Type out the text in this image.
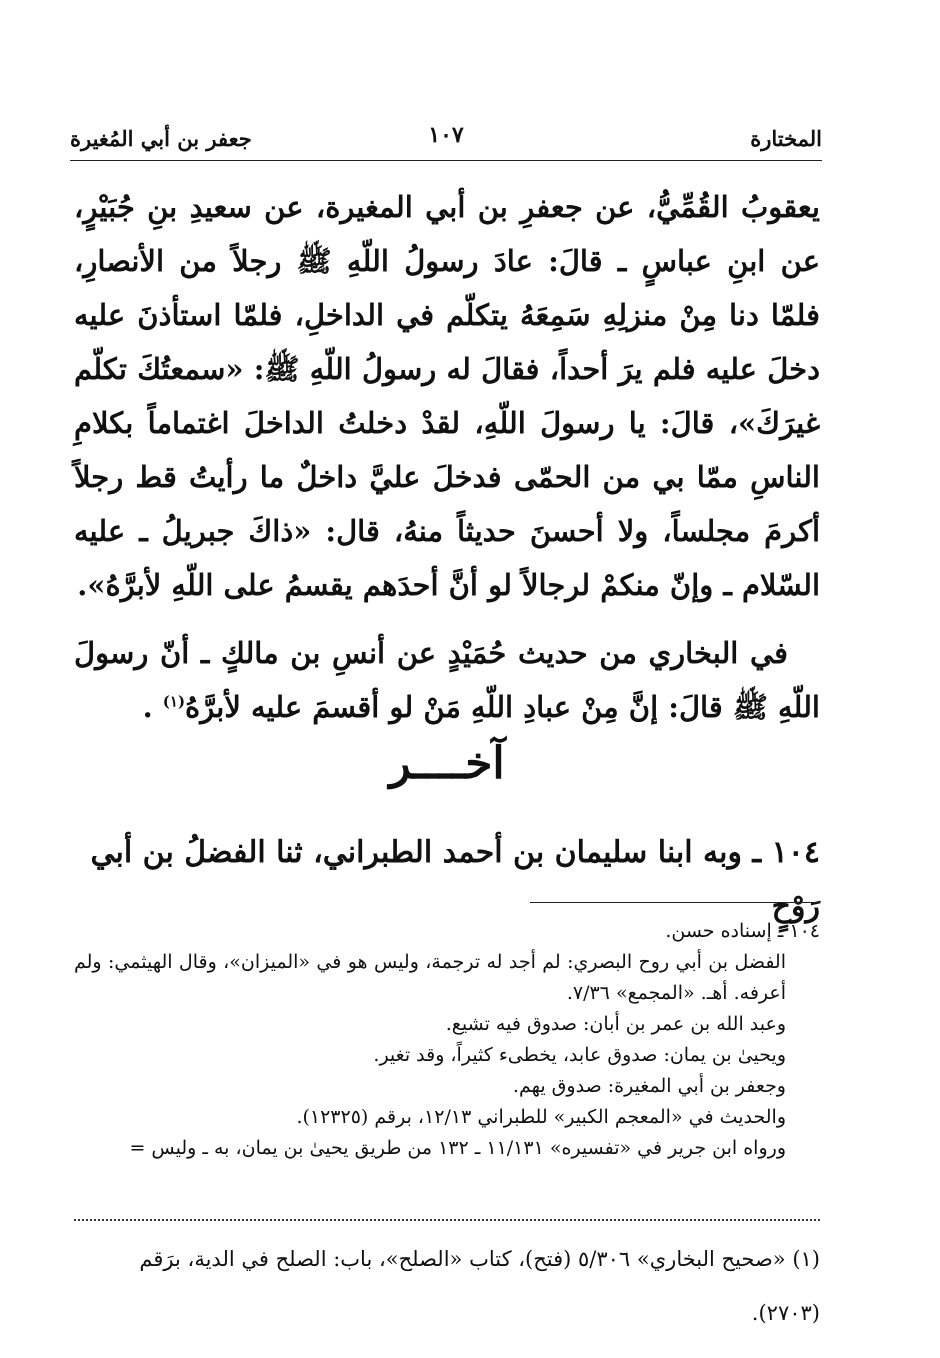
المختارة
١٠٧
جعفر بن أبي المُغيرة

يعقوبُ القُمِّيُّ، عن جعفرِ بن أبي المغيرة، عن سعيدِ بنِ جُبَيْرٍ، عن ابنِ عباسٍ ـ قالَ: عادَ رسولُ اللّهِ ﷺ رجلاً من الأنصارِ، فلمّا دنا مِنْ منزلِهِ سَمِعَهُ يتكلّم في الداخلِ، فلمّا استأذنَ عليه دخلَ عليه فلم يرَ أحداً، فقالَ له رسولُ اللّهِ ﷺ: «سمعتُكَ تكلّم غيرَكَ»، قالَ: يا رسولَ اللّهِ، لقدْ دخلتُ الداخلَ اغتماماً بكلامِ الناسِ ممّا بي من الحمّى فدخلَ عليَّ داخلٌ ما رأيتُ قط رجلاً أكرمَ مجلساً، ولا أحسنَ حديثاً منهُ، قال: «ذاكَ جبريلُ ـ عليه السّلام ـ وإنّ منكمْ لرجالاً لو أنَّ أحدَهم يقسمُ على اللّهِ لأبرَّهُ».

في البخاري من حديث حُمَيْدٍ عن أنسِ بن مالكٍ ـ أنّ رسولَ اللّهِ ﷺ قالَ: إنَّ مِنْ عبادِ اللّهِ مَنْ لو أقسمَ عليه لأبرَّهُ$^{(١)}$ .

آخــــر
١٠٤ ـ وبه ابنا سليمان بن أحمد الطبراني، ثنا الفضلُ بن أبي رَوْحٍ
١٠٤ ـ إسناده حسن.
الفضل بن أبي روح البصري: لم أجد له ترجمة، وليس هو في «الميزان»، وقال الهيثمي: ولم أعرفه. أهـ. «المجمع» ٧/٣٦.
وعبد الله بن عمر بن أبان: صدوق فيه تشيع.
ويحيىٰ بن يمان: صدوق عابد، يخطىء كثيراً، وقد تغير.
وجعفر بن أبي المغيرة: صدوق يهم.
والحديث في «المعجم الكبير» للطبراني ١٢/١٣، برقم (١٢٣٢٥).
ورواه ابن جرير في «تفسيره» ١١/١٣١ ـ ١٣٢ من طريق يحيىٰ بن يمان، به ـ وليس =
(١) «صحيح البخاري» ٥/٣٠٦ (فتح)، كتاب «الصلح»، باب: الصلح في الدية، برَقم
(٢٧٠٣).
